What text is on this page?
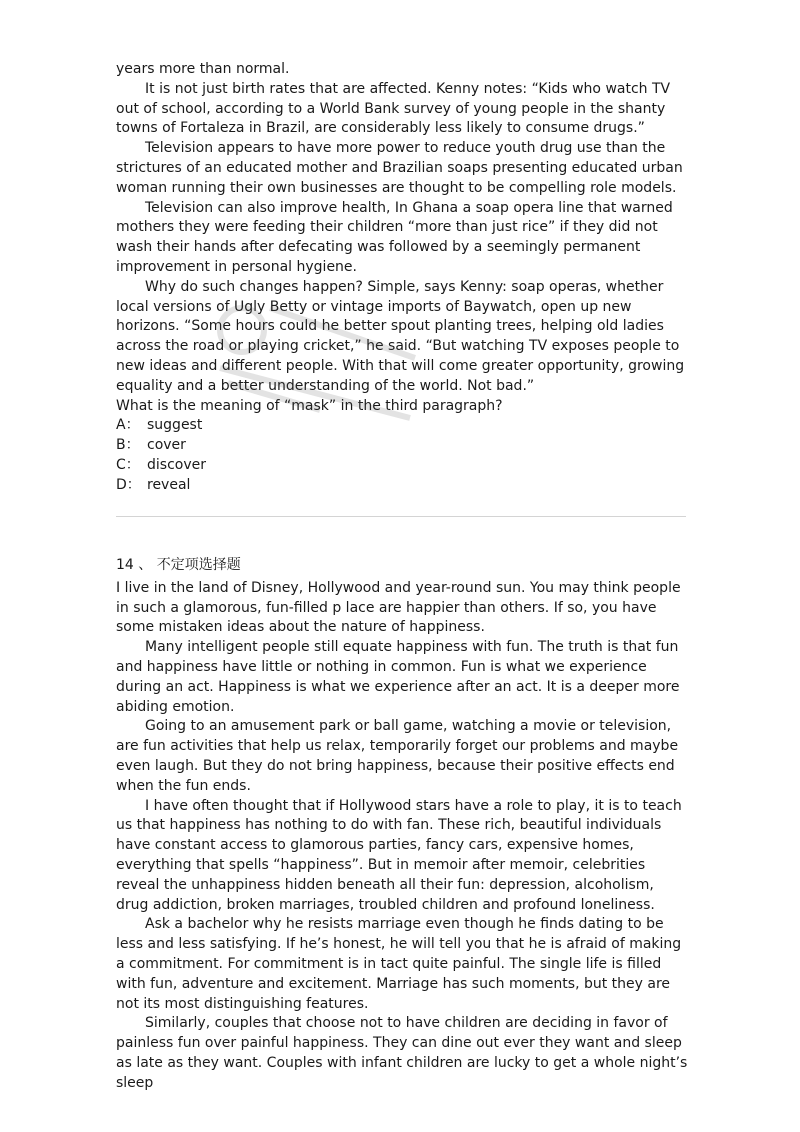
years more than normal.

It is not just birth rates that are affected. Kenny notes: “Kids who watch TV out of school, according to a World Bank survey of young people in the shanty towns of Fortaleza in Brazil, are considerably less likely to consume drugs.”

Television appears to have more power to reduce youth drug use than the strictures of an educated mother and Brazilian soaps presenting educated urban woman running their own businesses are thought to be compelling role models.

Television can also improve health, In Ghana a soap opera line that warned mothers they were feeding their children “more than just rice” if they did not wash their hands after defecating was followed by a seemingly permanent improvement in personal hygiene.

Why do such changes happen? Simple, says Kenny: soap operas, whether local versions of Ugly Betty or vintage imports of Baywatch, open up new horizons. “Some hours could he better spout planting trees, helping old ladies across the road or playing cricket,” he said. “But watching TV exposes people to new ideas and different people. With that will come greater opportunity, growing equality and a better understanding of the world. Not bad.”

What is the meaning of “mask” in the third paragraph?

A： suggest

B： cover

C： discover

D： reveal

14 、 不定项选择题

I live in the land of Disney, Hollywood and year-round sun. You may think people in such a glamorous, fun-filled p lace are happier than others. If so, you have some mistaken ideas about the nature of happiness.

Many intelligent people still equate happiness with fun. The truth is that fun and happiness have little or nothing in common. Fun is what we experience during an act. Happiness is what we experience after an act. It is a deeper more abiding emotion.

Going to an amusement park or ball game, watching a movie or television, are fun activities that help us relax, temporarily forget our problems and maybe even laugh. But they do not bring happiness, because their positive effects end when the fun ends.

I have often thought that if Hollywood stars have a role to play, it is to teach us that happiness has nothing to do with fan. These rich, beautiful individuals have constant access to glamorous parties, fancy cars, expensive homes, everything that spells “happiness”. But in memoir after memoir, celebrities reveal the unhappiness hidden beneath all their fun: depression, alcoholism, drug addiction, broken marriages, troubled children and profound loneliness.

Ask a bachelor why he resists marriage even though he finds dating to be less and less satisfying. If he’s honest, he will tell you that he is afraid of making a commitment. For commitment is in tact quite painful. The single life is filled with fun, adventure and excitement. Marriage has such moments, but they are not its most distinguishing features.

Similarly, couples that choose not to have children are deciding in favor of painless fun over painful happiness. They can dine out ever they want and sleep as late as they want. Couples with infant children are lucky to get a whole night’s sleep
